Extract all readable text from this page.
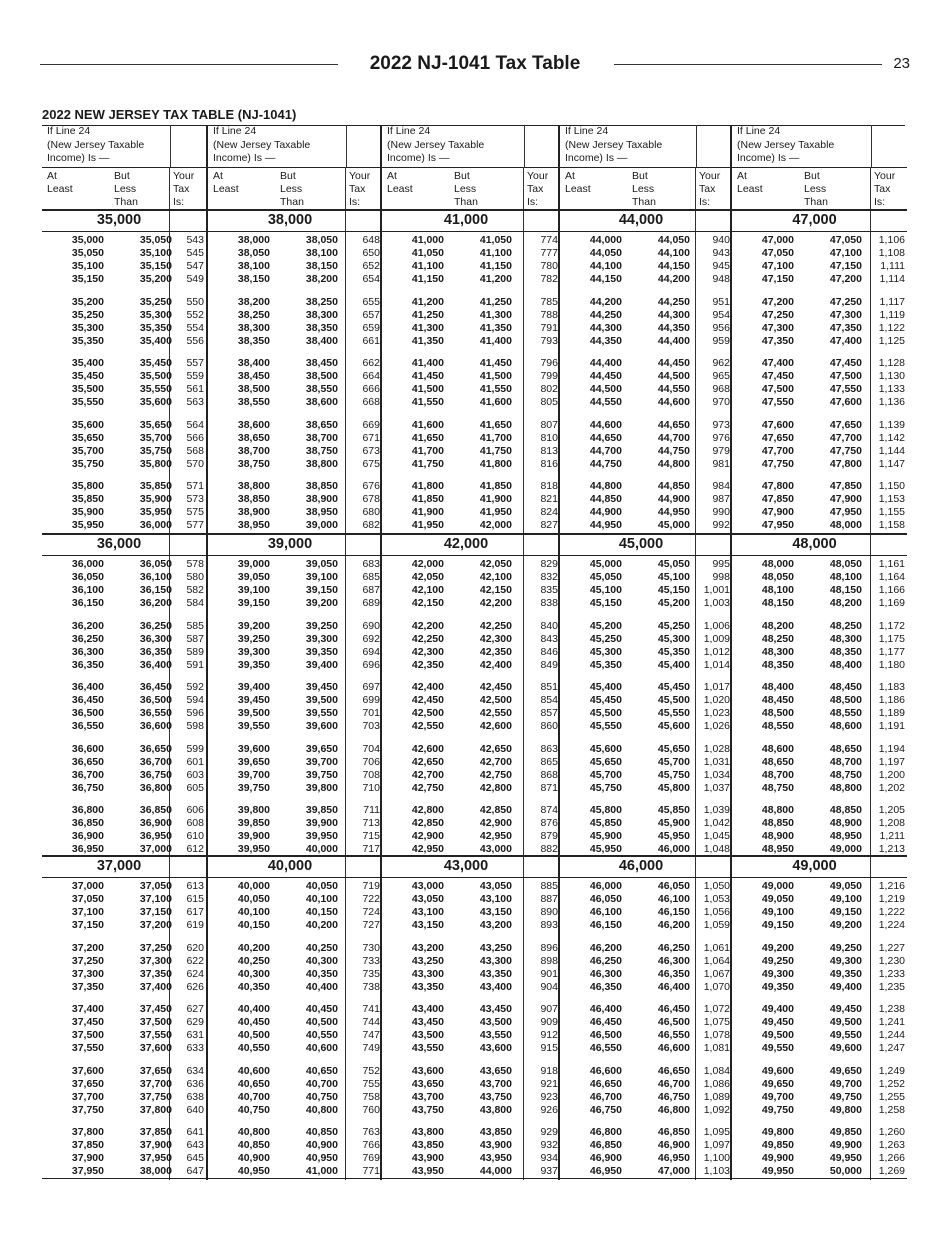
2022 NJ-1041 Tax Table	23
2022 NEW JERSEY TAX TABLE (NJ-1041)
If Line 24
(New Jersey Taxable
Income) Is —
At
Least
But
Less
Than
Your
Tax
Is:
35,000
35,000	35,050 543
35,050	35,100 545
35,100	35,150 547
35,150	35,200 549
35,200	35,250 550
35,250	35,300 552
35,300	35,350 554
35,350	35,400 556
35,400	35,450 557
35,450	35,500 559
35,500	35,550 561
35,550	35,600 563
35,600	35,650 564
35,650	35,700 566
35,700	35,750 568
35,750	35,800 570
35,800	35,850 571
35,850	35,900 573
35,900	35,950 575
35,950	36,000 577
36,000
36,000	36,050 578
36,050	36,100 580
36,100	36,150 582
36,150	36,200 584
36,200	36,250 585
36,250	36,300 587
36,300	36,350 589
36,350	36,400 591
36,400	36,450 592
36,450	36,500 594
36,500	36,550 596
36,550	36,600 598
36,600	36,650 599
36,650	36,700 601
36,700	36,750 603
36,750	36,800 605
36,800	36,850 606
36,850	36,900 608
36,900	36,950 610
36,950	37,000 612
37,000
37,000	37,050 613
37,050	37,100 615
37,100	37,150 617
37,150	37,200 619
37,200	37,250 620
37,250	37,300 622
37,300	37,350 624
37,350	37,400 626
37,400	37,450 627
37,450	37,500 629
37,500	37,550 631
37,550	37,600 633
37,600	37,650 634
37,650	37,700 636
37,700	37,750 638
37,750	37,800 640
37,800	37,850 641
37,850	37,900 643
37,900	37,950 645
37,950	38,000 647
If Line 24
(New Jersey Taxable
Income) Is —
At
Least
But
Less
Than
Your
Tax
Is:
38,000
38,000	38,050 648
38,050	38,100 650
38,100	38,150 652
38,150	38,200 654
38,200	38,250 655
38,250	38,300 657
38,300	38,350 659
38,350	38,400 661
38,400	38,450 662
38,450	38,500 664
38,500	38,550 666
38,550	38,600 668
38,600	38,650 669
38,650	38,700 671
38,700	38,750 673
38,750	38,800 675
38,800	38,850 676
38,850	38,900 678
38,900	38,950 680
38,950	39,000 682
39,000
39,000	39,050 683
39,050	39,100 685
39,100	39,150 687
39,150	39,200 689
39,200	39,250 690
39,250	39,300 692
39,300	39,350 694
39,350	39,400 696
39,400	39,450 697
39,450	39,500 699
39,500	39,550 701
39,550	39,600 703
39,600	39,650 704
39,650	39,700 706
39,700	39,750 708
39,750	39,800 710
39,800	39,850 711
39,850	39,900 713
39,900	39,950 715
39,950	40,000 717
40,000
40,000	40,050 719
40,050	40,100 722
40,100	40,150 724
40,150	40,200 727
40,200	40,250 730
40,250	40,300 733
40,300	40,350 735
40,350	40,400 738
40,400	40,450 741
40,450	40,500 744
40,500	40,550 747
40,550	40,600 749
40,600	40,650 752
40,650	40,700 755
40,700	40,750 758
40,750	40,800 760
40,800	40,850 763
40,850	40,900 766
40,900	40,950 769
40,950	41,000 771
If Line 24
(New Jersey Taxable
Income) Is —
At
Least
But
Less
Than
Your
Tax
Is:
41,000
41,000	41,050	774
41,050	41,100	777
41,100	41,150	780
41,150	41,200	782
41,200	41,250	785
41,250	41,300	788
41,300	41,350	791
41,350	41,400	793
41,400	41,450	796
41,450	41,500	799
41,500	41,550	802
41,550	41,600	805
41,600	41,650	807
41,650	41,700	810
41,700	41,750	813
41,750	41,800	816
41,800	41,850	818
41,850	41,900	821
41,900	41,950	824
41,950	42,000	827
42,000
42,000	42,050	829
42,050	42,100	832
42,100	42,150	835
42,150	42,200	838
42,200	42,250	840
42,250	42,300	843
42,300	42,350	846
42,350	42,400	849
42,400	42,450	851
42,450	42,500	854
42,500	42,550	857
42,550	42,600	860
42,600	42,650	863
42,650	42,700	865
42,700	42,750	868
42,750	42,800	871
42,800	42,850	874
42,850	42,900	876
42,900	42,950	879
42,950	43,000	882
43,000
43,000	43,050	885
43,050	43,100	887
43,100	43,150	890
43,150	43,200	893
43,200	43,250	896
43,250	43,300	898
43,300	43,350	901
43,350	43,400	904
43,400	43,450	907
43,450	43,500	909
43,500	43,550	912
43,550	43,600	915
43,600	43,650	918
43,650	43,700	921
43,700	43,750	923
43,750	43,800	926
43,800	43,850	929
43,850	43,900	932
43,900	43,950	934
43,950	44,000	937
If Line 24
(New Jersey Taxable
Income) Is —
At
Least
But
Less
Than
Your
Tax
Is:
44,000
44,000	44,050 940
44,050	44,100 943
44,100	44,150 945
44,150	44,200 948
44,200	44,250 951
44,250	44,300 954
44,300	44,350 956
44,350	44,400 959
44,400	44,450 962
44,450	44,500 965
44,500	44,550 968
44,550	44,600 970
44,600	44,650 973
44,650	44,700 976
44,700	44,750 979
44,750	44,800 981
44,800	44,850 984
44,850	44,900 987
44,900	44,950 990
44,950	45,000 992
45,000
45,000	45,050 995
45,050	45,100 998
45,100	45,150 1,001
45,150	45,200 1,003
45,200	45,250 1,006
45,250	45,300 1,009
45,300	45,350 1,012
45,350	45,400 1,014
45,400	45,450 1,017
45,450	45,500 1,020
45,500	45,550 1,023
45,550	45,600 1,026
45,600	45,650 1,028
45,650	45,700 1,031
45,700	45,750 1,034
45,750	45,800 1,037
45,800	45,850 1,039
45,850	45,900 1,042
45,900	45,950 1,045
45,950	46,000 1,048
46,000
46,000	46,050 1,050
46,050	46,100 1,053
46,100	46,150 1,056
46,150	46,200 1,059
46,200	46,250 1,061
46,250	46,300 1,064
46,300	46,350 1,067
46,350	46,400 1,070
46,400	46,450 1,072
46,450	46,500 1,075
46,500	46,550 1,078
46,550	46,600 1,081
46,600	46,650 1,084
46,650	46,700 1,086
46,700	46,750 1,089
46,750	46,800 1,092
46,800	46,850 1,095
46,850	46,900 1,097
46,900	46,950 1,100
46,950	47,000 1,103
If Line 24
(New Jersey Taxable
Income) Is —
At
Least
But
Less
Than
Your
Tax
Is:
47,000
47,000	47,050 1,106
47,050	47,100 1,108
47,100	47,150 1,111
47,150	47,200 1,114
47,200	47,250 1,117
47,250	47,300 1,119
47,300	47,350 1,122
47,350	47,400 1,125
47,400	47,450 1,128
47,450	47,500 1,130
47,500	47,550 1,133
47,550	47,600 1,136
47,600	47,650 1,139
47,650	47,700 1,142
47,700	47,750 1,144
47,750	47,800 1,147
47,800	47,850 1,150
47,850	47,900 1,153
47,900	47,950 1,155
47,950	48,000 1,158
48,000
48,000	48,050 1,161
48,050	48,100 1,164
48,100	48,150 1,166
48,150	48,200 1,169
48,200	48,250 1,172
48,250	48,300 1,175
48,300	48,350 1,177
48,350	48,400 1,180
48,400	48,450 1,183
48,450	48,500 1,186
48,500	48,550 1,189
48,550	48,600 1,191
48,600	48,650 1,194
48,650	48,700 1,197
48,700	48,750 1,200
48,750	48,800 1,202
48,800	48,850 1,205
48,850	48,900 1,208
48,900	48,950 1,211
48,950	49,000 1,213
49,000
49,000	49,050 1,216
49,050	49,100 1,219
49,100	49,150 1,222
49,150	49,200 1,224
49,200	49,250 1,227
49,250	49,300 1,230
49,300	49,350 1,233
49,350	49,400 1,235
49,400	49,450 1,238
49,450	49,500 1,241
49,500	49,550 1,244
49,550	49,600 1,247
49,600	49,650 1,249
49,650	49,700 1,252
49,700	49,750 1,255
49,750	49,800 1,258
49,800	49,850 1,260
49,850	49,900 1,263
49,900	49,950 1,266
49,950	50,000 1,269
